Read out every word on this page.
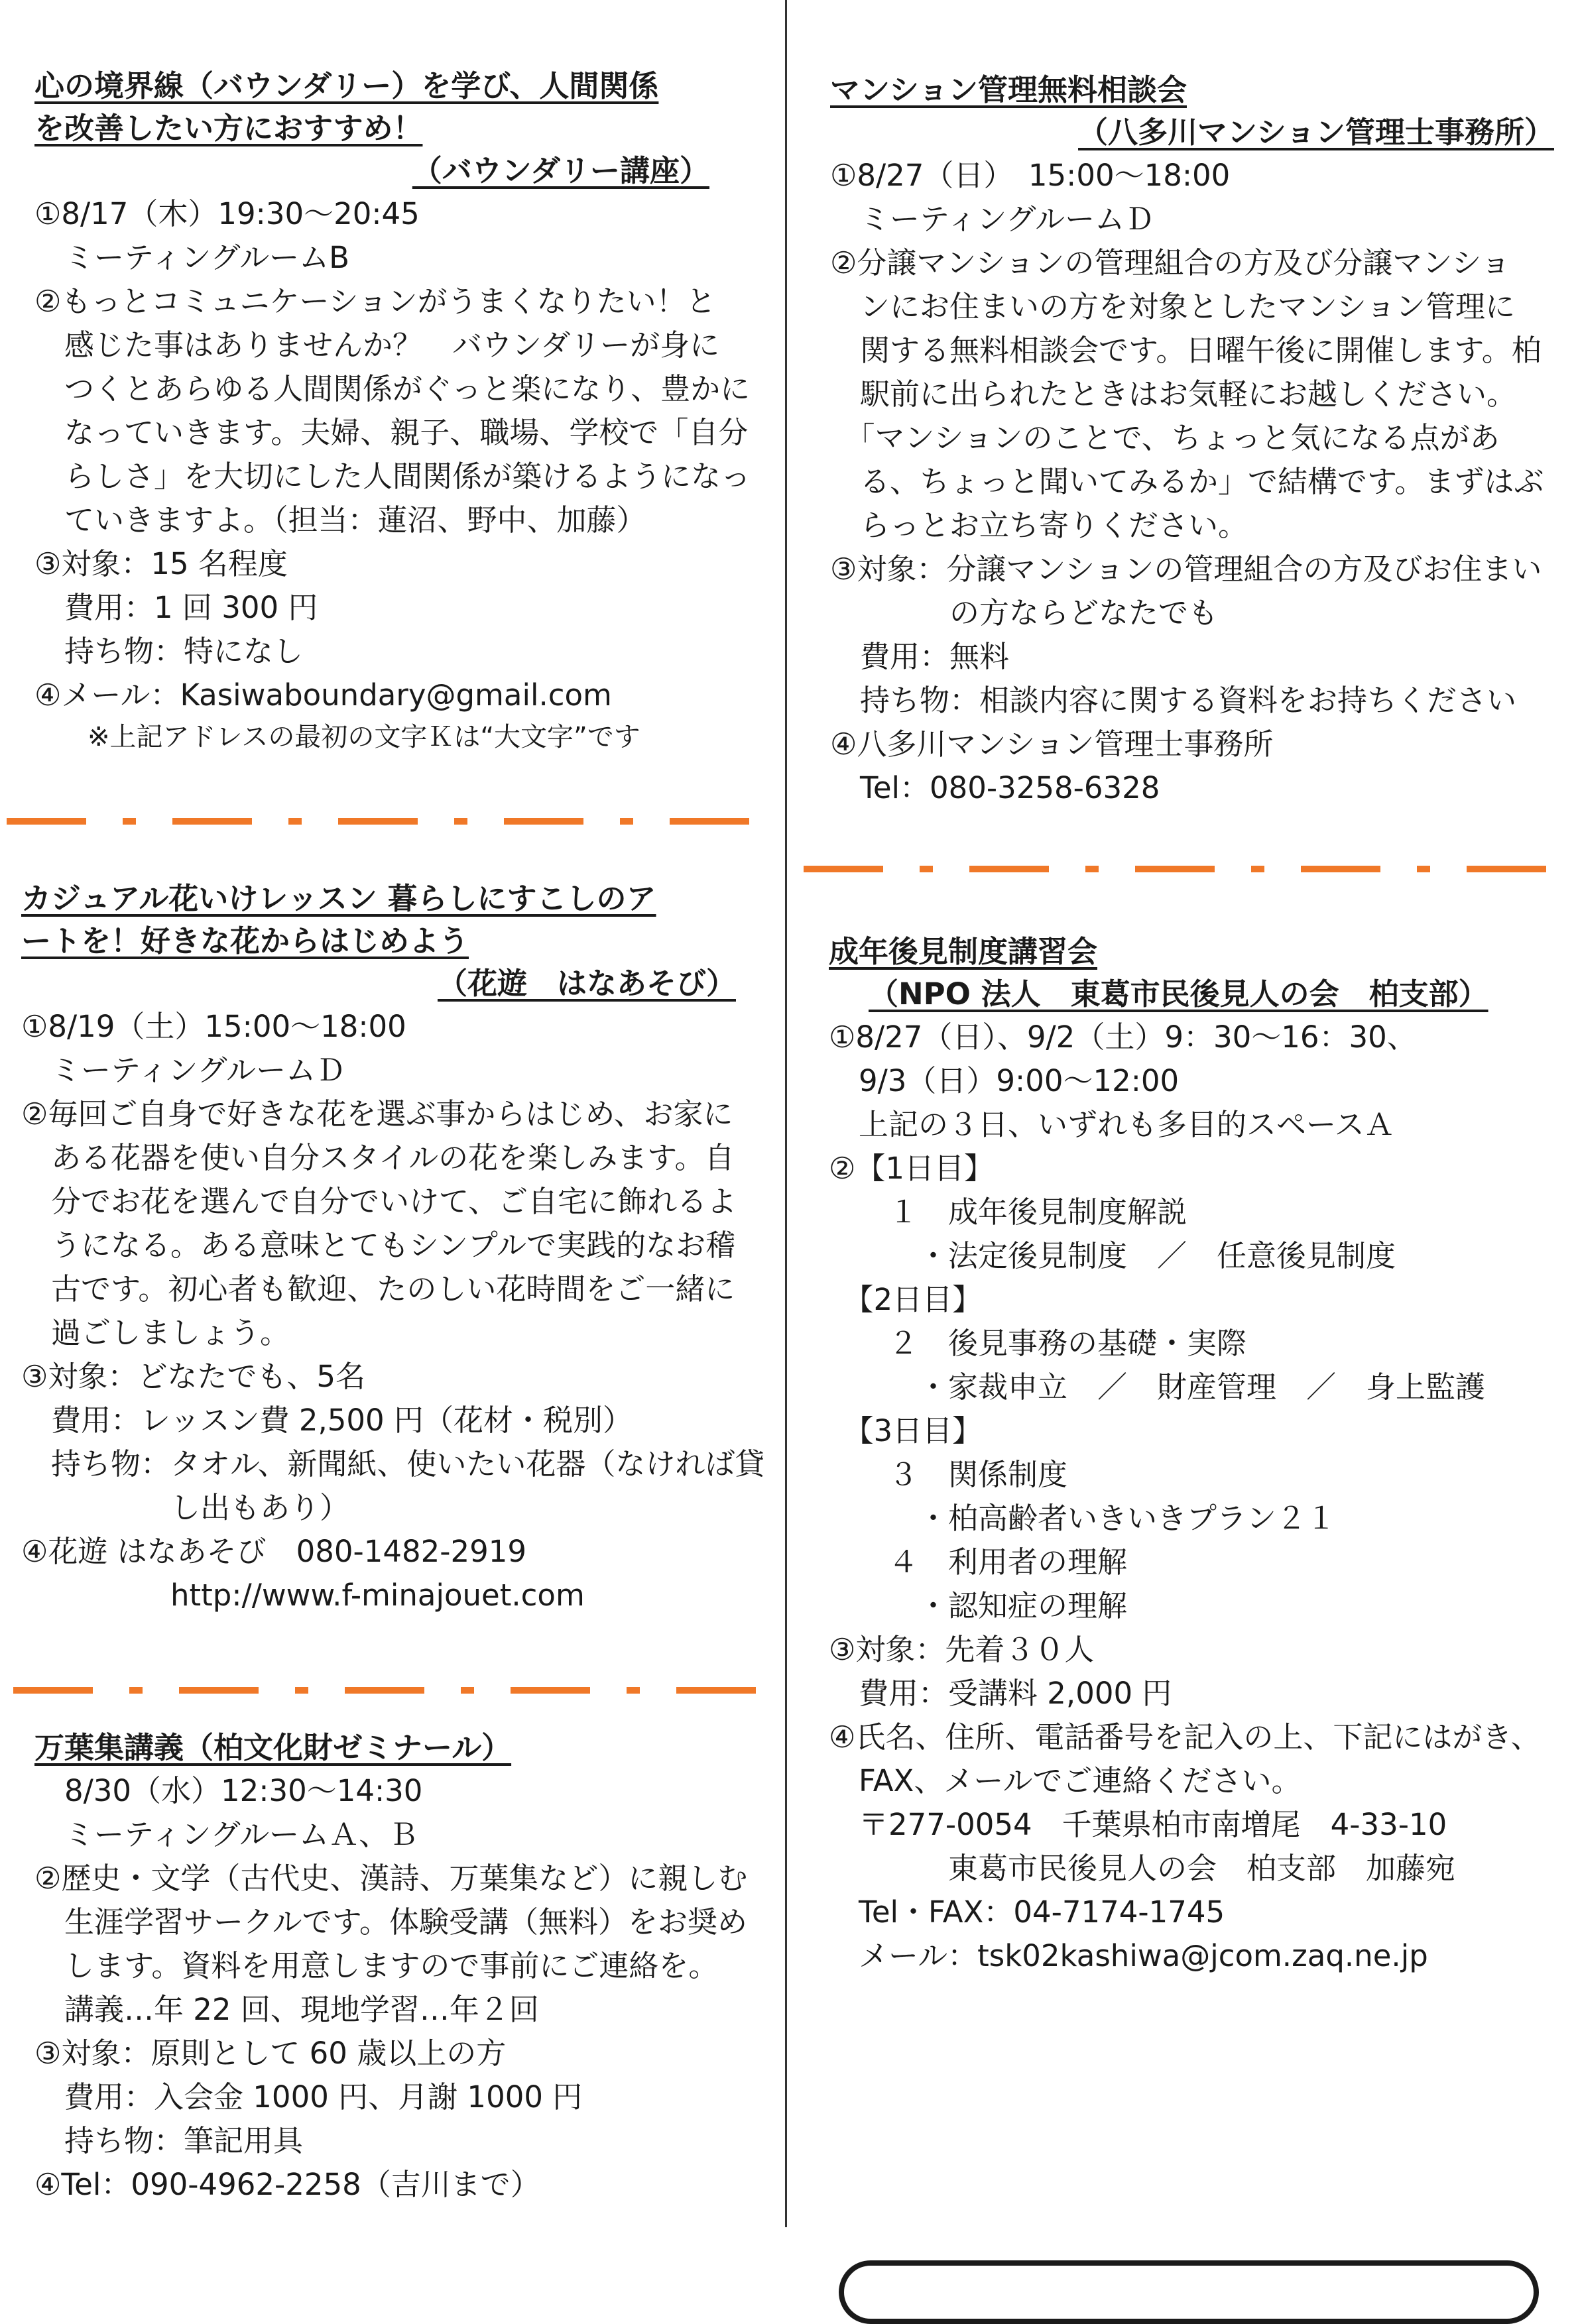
心の境界線（バウンダリー）を学び、人間関係
を改善したい方におすすめ！
（バウンダリー講座）
①8/17（木）19:30～20:45
　ミーティングルームB
②もっとコミュニケーションがうまくなりたい！と
　感じた事はありませんか？　バウンダリーが身に
　つくとあらゆる人間関係がぐっと楽になり、豊かに
　なっていきます。夫婦、親子、職場、学校で「自分
　らしさ」を大切にした人間関係が築けるようになっ
　ていきますよ。（担当：蓮沼、野中、加藤）
③対象：15 名程度
　費用：1 回 300 円
　持ち物：特になし
④メール：Kasiwaboundary@gmail.com
　　※上記アドレスの最初の文字Ｋは“大文字”です
カジュアル花いけレッスン 暮らしにすこしのア
ートを！好きな花からはじめよう
（花遊　はなあそび）
①8/19（土）15:00～18:00
　ミーティングルームＤ
②毎回ご自身で好きな花を選ぶ事からはじめ、お家に
　ある花器を使い自分スタイルの花を楽しみます。自
　分でお花を選んで自分でいけて、ご自宅に飾れるよ
　うになる。ある意味とてもシンプルで実践的なお稽
　古です。初心者も歓迎、たのしい花時間をご一緒に
　過ごしましょう。
③対象：どなたでも、5名
　費用：レッスン費 2,500 円（花材・税別）
　持ち物：タオル、新聞紙、使いたい花器（なければ貸
　　　　　し出もあり）
④花遊 はなあそび　080-1482-2919
　　　　　http://www.f-minajouet.com
万葉集講義（柏文化財ゼミナール）
　8/30（水）12:30～14:30
　ミーティングルームＡ、Ｂ
②歴史・文学（古代史、漢詩、万葉集など）に親しむ
　生涯学習サークルです。体験受講（無料）をお奨め
　します。資料を用意しますので事前にご連絡を。
　講義…年 22 回、現地学習…年２回
③対象：原則として 60 歳以上の方
　費用：入会金 1000 円、月謝 1000 円
　持ち物：筆記用具
④Tel：090-4962-2258（吉川まで）
マンション管理無料相談会
（八多川マンション管理士事務所）
①8/27（日）　15:00～18:00
　ミーティングルームＤ
②分譲マンションの管理組合の方及び分譲マンショ
　ンにお住まいの方を対象としたマンション管理に
　関する無料相談会です。日曜午後に開催します。柏
　駅前に出られたときはお気軽にお越しください。
　「マンションのことで、ちょっと気になる点があ
　る、ちょっと聞いてみるか」で結構です。まずはぶ
　らっとお立ち寄りください。
③対象：分譲マンションの管理組合の方及びお住まい
　　　　の方ならどなたでも
　費用：無料
　持ち物：相談内容に関する資料をお持ちください
④八多川マンション管理士事務所
　Tel：080-3258-6328
成年後見制度講習会
（NPO 法人　東葛市民後見人の会　柏支部）
①8/27（日）、9/2（土）9：30～16：30、
　9/3（日）9:00～12:00
　上記の３日、いずれも多目的スペースＡ
②【1日目】
　　１　成年後見制度解説
　　　・法定後見制度　／　任意後見制度
　【2日目】
　　２　後見事務の基礎・実際
　　　・家裁申立　／　財産管理　／　身上監護
　【3日目】
　　３　関係制度
　　　・柏高齢者いきいきプラン２１
　　４　利用者の理解
　　　・認知症の理解
③対象：先着３０人
　費用：受講料 2,000 円
④氏名、住所、電話番号を記入の上、下記にはがき、
　FAX、メールでご連絡ください。
　〒277-0054　千葉県柏市南増尾　4-33-10
　　　　東葛市民後見人の会　柏支部　加藤宛
　Tel・FAX：04-7174-1745
　メール：tsk02kashiwa@jcom.zaq.ne.jp
